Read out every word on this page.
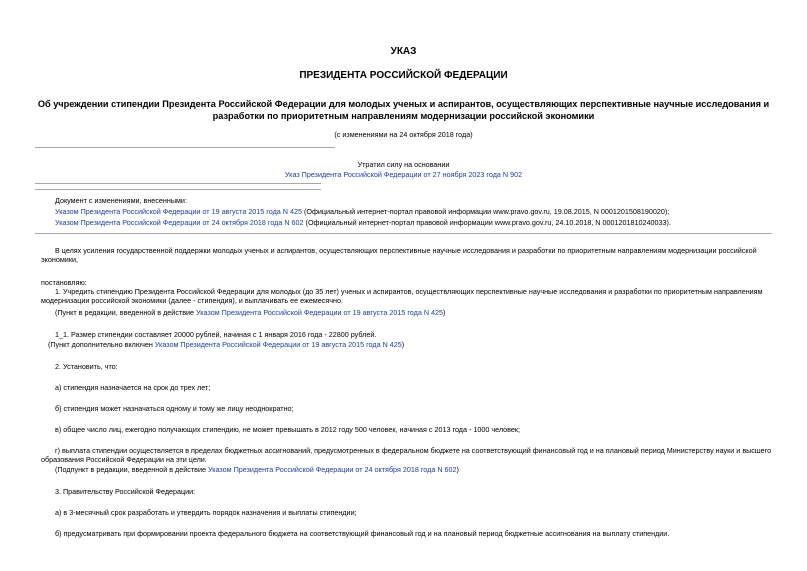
УКАЗ
ПРЕЗИДЕНТА РОССИЙСКОЙ ФЕДЕРАЦИИ
Об учреждении стипендии Президента Российской Федерации для молодых ученых и аспирантов, осуществляющих перспективные научные исследования и разработки по приоритетным направлениям модернизации российской экономики
(с изменениями на 24 октября 2018 года)
Утратил силу на основании
Указ Президента Российской Федерации от 27 ноября 2023 года N 902
Документ с изменениями, внесенными:
Указом Президента Российской Федерации от 19 августа 2015 года N 425 (Официальный интернет-портал правовой информации www.pravo.gov.ru, 19.08.2015, N 0001201508190020);
Указом Президента Российской Федерации от 24 октября 2018 года N 602 (Официальный интернет-портал правовой информации www.pravo.gov.ru, 24.10.2018, N 0001201810240033).
В целях усиления государственной поддержки молодых ученых и аспирантов, осуществляющих перспективные научные исследования и разработки по приоритетным направлениям модернизации российской экономики,
постановляю:
1. Учредить стипендию Президента Российской Федерации для молодых (до 35 лет) ученых и аспирантов, осуществляющих перспективные научные исследования и разработки по приоритетным направлениям модернизации российской экономики (далее - стипендия), и выплачивать ее ежемесячно.
(Пункт в редакции, введенной в действие Указом Президента Российской Федерации от 19 августа 2015 года N 425)
1_1. Размер стипендии составляет 20000 рублей, начиная с 1 января 2016 года - 22800 рублей.
(Пункт дополнительно включен Указом Президента Российской Федерации от 19 августа 2015 года N 425)
2. Установить, что:
а) стипендия назначается на срок до трех лет;
б) стипендия может назначаться одному и тому же лицу неоднократно;
в) общее число лиц, ежегодно получающих стипендию, не может превышать в 2012 году 500 человек, начиная с 2013 года - 1000 человек;
г) выплата стипендии осуществляется в пределах бюджетных ассигнований, предусмотренных в федеральном бюджете на соответствующий финансовый год и на плановый период Министерству науки и высшего образования Российской Федерации на эти цели.
(Подпункт в редакции, введенной в действие Указом Президента Российской Федерации от 24 октября 2018 года N 602)
3. Правительству Российской Федерации:
а) в 3-месячный срок разработать и утвердить порядок назначения и выплаты стипендии;
б) предусматривать при формировании проекта федерального бюджета на соответствующий финансовый год и на плановый период бюджетные ассигнования на выплату стипендии.
